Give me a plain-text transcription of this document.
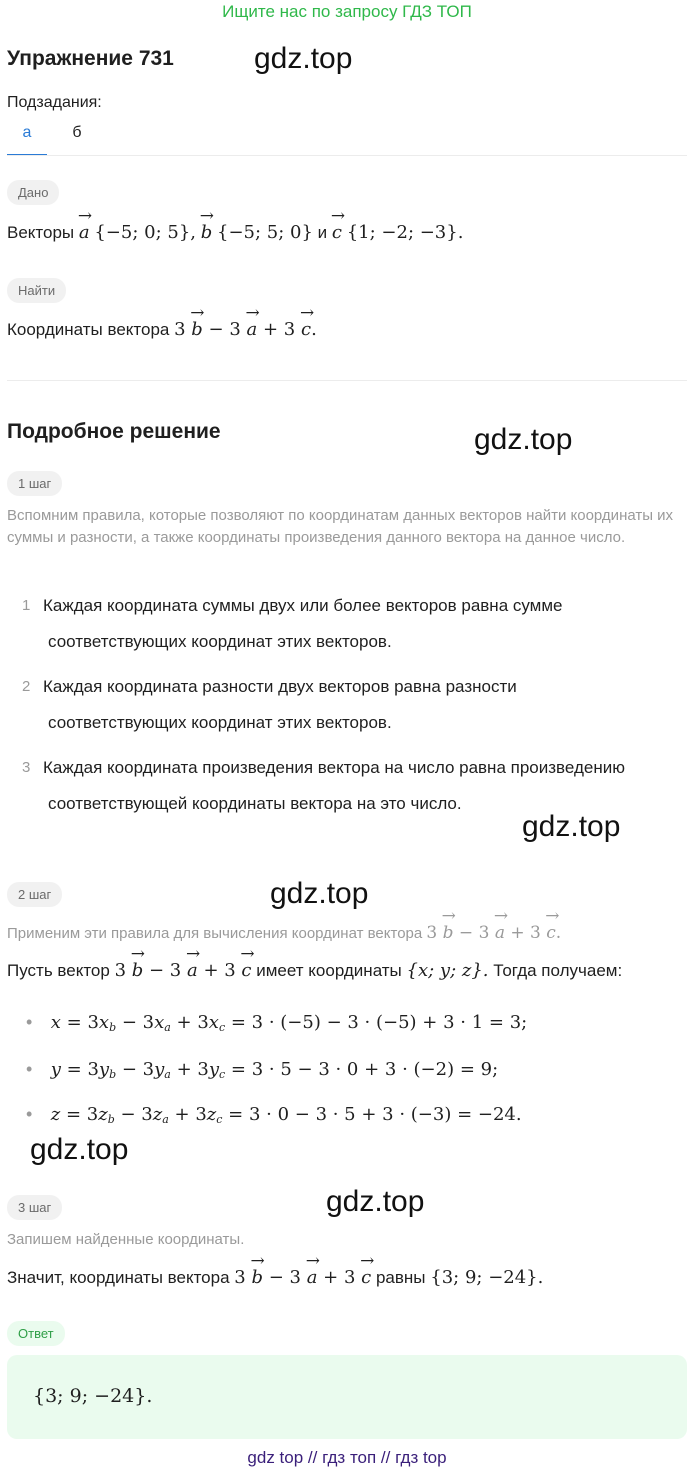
Ищите нас по запросу ГДЗ ТОП
Упражнение 731	gdz.top
Подзадания:
а	б
Дано
Векторы → a {−5; 0; 5}, → b {−5; 5; 0} и → c {1; −2; −3}.
Найти
Координаты вектора 3 → b − 3 → a + 3 → c.
Подробное решение	gdz.top
1 шаг
Вспомним правила, которые позволяют по координатам данных векторов найти координаты их суммы и разности, а также координаты произведения данного вектора на данное число.
1 Каждая координата суммы двух или более векторов равна сумме
соответствующих координат этих векторов.
2 Каждая координата разности двух векторов равна разности
соответствующих координат этих векторов.
3 Каждая координата произведения вектора на число равна произведению
соответствующей координаты вектора на это число.
gdz.top
2 шаг	gdz.top
Применим эти правила для вычисления координат вектора 3 → b − 3 → a + 3 → c.
Пусть вектор 3 → b − 3 → a + 3 → c имеет координаты {x; y; z}. Тогда получаем:
• $x = 3x_b - 3x_a + 3x_c = 3 \cdot (-5) - 3 \cdot (-5) + 3 \cdot 1 = 3$;
• $y = 3y_b - 3y_a + 3y_c = 3 \cdot 5 - 3 \cdot 0 + 3 \cdot (-2) = 9$;
• $z = 3z_b - 3z_a + 3z_c = 3 \cdot 0 - 3 \cdot 5 + 3 \cdot (-3) = -24$.
gdz.top
3 шаг	gdz.top
Запишем найденные координаты.
Значит, координаты вектора 3 → b − 3 → a + 3 → c равны {3; 9; −24}.
Ответ
{3; 9; −24}.
gdz top // гдз топ // гдз top
